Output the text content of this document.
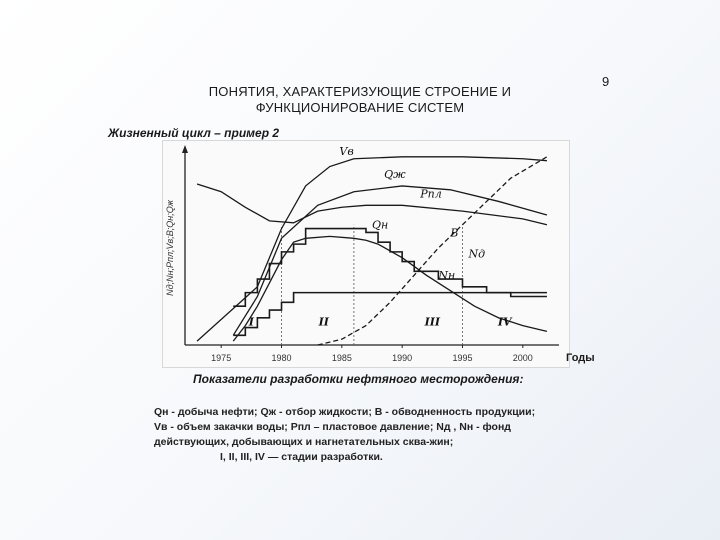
9
ПОНЯТИЯ, ХАРАКТЕРИЗУЮЩИЕ СТРОЕНИЕ И
ФУНКЦИОНИРОВАНИЕ СИСТЕМ
Жизненный цикл – пример 2
Nд;Nн;Pпл;Vв;B;Qн;Qж
1975	1980	1985	1990	1995	2000
Vв
Qж
Pпл
B
Qн
Nд
Nн
I	II	III	IV
Годы
Показатели разработки нефтяного месторождения:
Qн - добыча нефти; Qж - отбор жидкости; B - обводненность продукции;
Vв - объем закачки воды; Pпл – пластовое давление; Nд , Nн - фонд
действующих, добывающих и нагнетательных сква-жин;
I, II, III, IV — стадии разработки.
